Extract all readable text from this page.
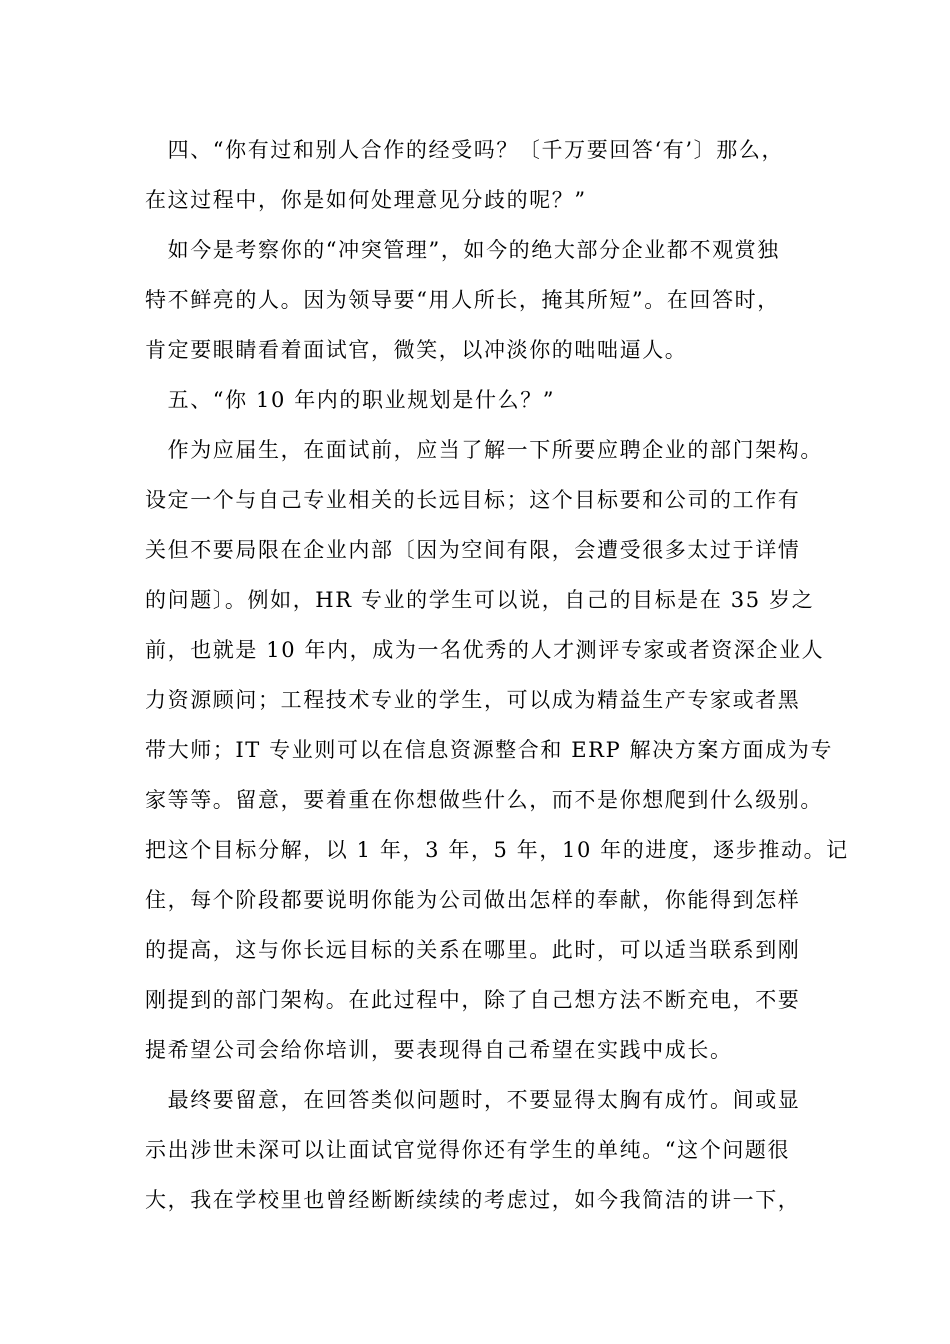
　四、“你有过和别人合作的经受吗？〔千万要回答‘有’〕那么，
在这过程中，你是如何处理意见分歧的呢？”
　如今是考察你的“冲突管理”，如今的绝大部分企业都不观赏独
特不鲜亮的人。因为领导要“用人所长，掩其所短”。在回答时，
肯定要眼睛看着面试官，微笑，以冲淡你的咄咄逼人。
　五、“你 10 年内的职业规划是什么？”
　作为应届生，在面试前，应当了解一下所要应聘企业的部门架构。
设定一个与自己专业相关的长远目标；这个目标要和公司的工作有
关但不要局限在企业内部〔因为空间有限，会遭受很多太过于详情
的问题〕。例如，HR 专业的学生可以说，自己的目标是在 35 岁之
前，也就是 10 年内，成为一名优秀的人才测评专家或者资深企业人
力资源顾问；工程技术专业的学生，可以成为精益生产专家或者黑
带大师；IT 专业则可以在信息资源整合和 ERP 解决方案方面成为专
家等等。留意，要着重在你想做些什么，而不是你想爬到什么级别。
把这个目标分解，以 1 年，3 年，5 年，10 年的进度，逐步推动。记
住，每个阶段都要说明你能为公司做出怎样的奉献，你能得到怎样
的提高，这与你长远目标的关系在哪里。此时，可以适当联系到刚
刚提到的部门架构。在此过程中，除了自己想方法不断充电，不要
提希望公司会给你培训，要表现得自己希望在实践中成长。
　最终要留意，在回答类似问题时，不要显得太胸有成竹。间或显
示出涉世未深可以让面试官觉得你还有学生的单纯。“这个问题很
大，我在学校里也曾经断断续续的考虑过，如今我简洁的讲一下，
